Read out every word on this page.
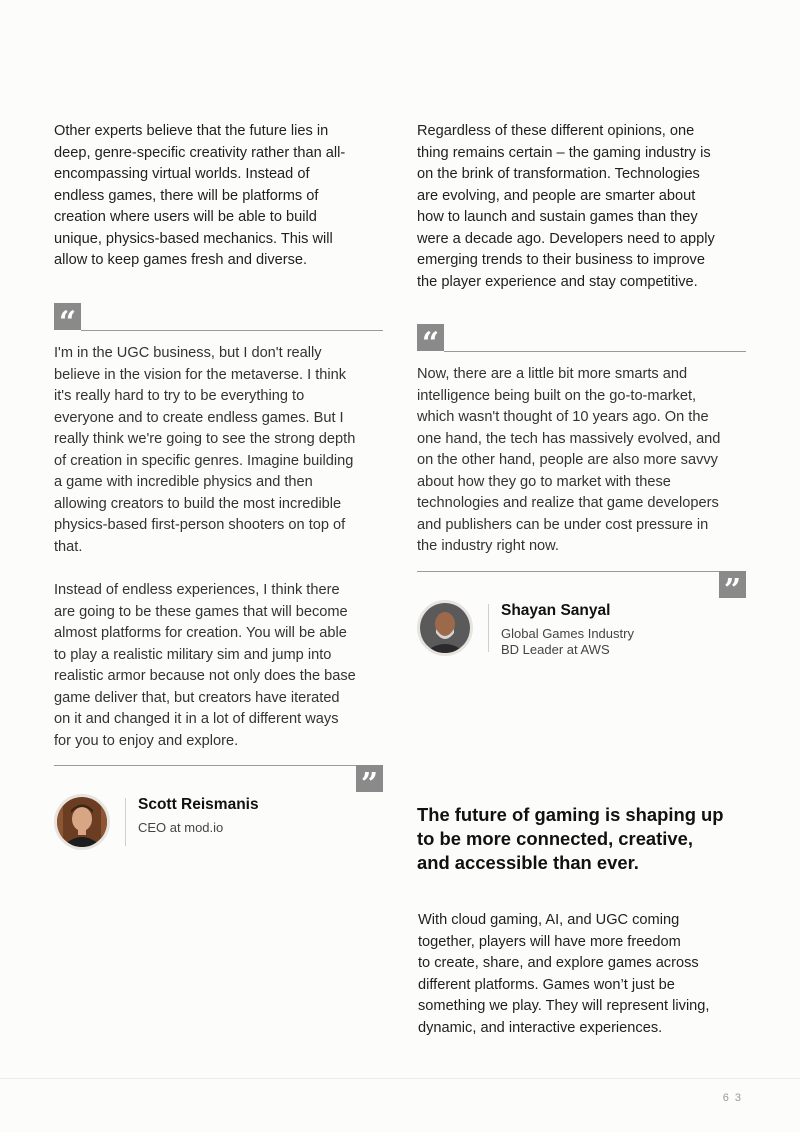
Other experts believe that the future lies in
deep, genre-specific creativity rather than all-
encompassing virtual worlds. Instead of
endless games, there will be platforms of
creation where users will be able to build
unique, physics-based mechanics. This will
allow to keep games fresh and diverse.

“

I'm in the UGC business, but I don't really
believe in the vision for the metaverse. I think
it's really hard to try to be everything to
everyone and to create endless games. But I
really think we're going to see the strong depth
of creation in specific genres. Imagine building
a game with incredible physics and then
allowing creators to build the most incredible
physics-based first-person shooters on top of
that.

Instead of endless experiences, I think there
are going to be these games that will become
almost platforms for creation. You will be able
to play a realistic military sim and jump into
realistic armor because not only does the base
game deliver that, but creators have iterated
on it and changed it in a lot of different ways
for you to enjoy and explore.

”
Scott Reismanis
CEO at mod.io

Regardless of these different opinions, one
thing remains certain – the gaming industry is
on the brink of transformation. Technologies
are evolving, and people are smarter about
how to launch and sustain games than they
were a decade ago. Developers need to apply
emerging trends to their business to improve
the player experience and stay competitive.

“

Now, there are a little bit more smarts and
intelligence being built on the go-to-market,
which wasn't thought of 10 years ago. On the
one hand, the tech has massively evolved, and
on the other hand, people are also more savvy
about how they go to market with these
technologies and realize that game developers
and publishers can be under cost pressure in
the industry right now.

”
Shayan Sanyal
Global Games Industry
BD Leader at AWS
The future of gaming is shaping up
to be more connected, creative,
and accessible than ever.

With cloud gaming, AI, and UGC coming
together, players will have more freedom
to create, share, and explore games across
different platforms. Games won’t just be
something we play. They will represent living,
dynamic, and interactive experiences.

63
